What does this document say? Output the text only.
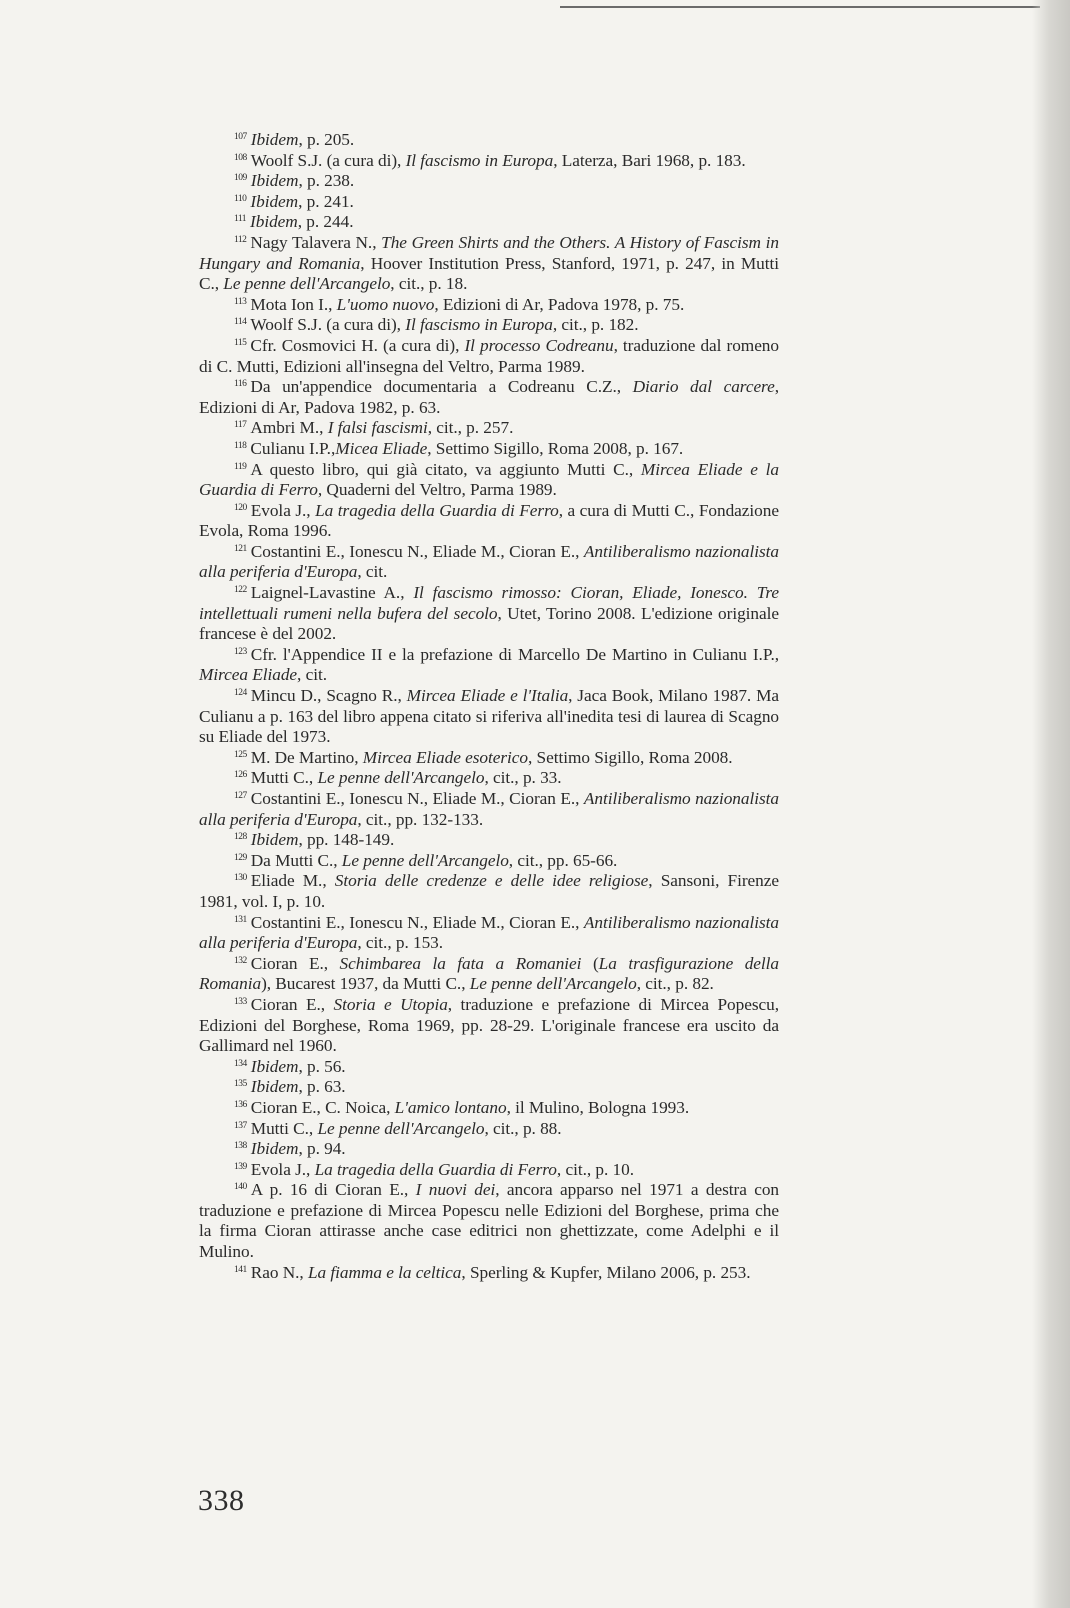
$^{107}$ Ibidem, p. 205.

$^{108}$ Woolf S.J. (a cura di), Il fascismo in Europa, Laterza, Bari 1968, p. 183.

$^{109}$ Ibidem, p. 238.

$^{110}$ Ibidem, p. 241.

$^{111}$ Ibidem, p. 244.

$^{112}$ Nagy Talavera N., The Green Shirts and the Others. A History of Fascism in Hungary and Romania, Hoover Institution Press, Stanford, 1971, p. 247, in Mutti C., Le penne dell'Arcangelo, cit., p. 18.

$^{113}$ Mota Ion I., L'uomo nuovo, Edizioni di Ar, Padova 1978, p. 75.

$^{114}$ Woolf S.J. (a cura di), Il fascismo in Europa, cit., p. 182.

$^{115}$ Cfr. Cosmovici H. (a cura di), Il processo Codreanu, traduzione dal romeno di C. Mutti, Edizioni all'insegna del Veltro, Parma 1989.

$^{116}$ Da un'appendice documentaria a Codreanu C.Z., Diario dal carcere, Edizioni di Ar, Padova 1982, p. 63.

$^{117}$ Ambri M., I falsi fascismi, cit., p. 257.

$^{118}$ Culianu I.P.,Micea Eliade, Settimo Sigillo, Roma 2008, p. 167.

$^{119}$ A questo libro, qui già citato, va aggiunto Mutti C., Mircea Eliade e la Guardia di Ferro, Quaderni del Veltro, Parma 1989.

$^{120}$ Evola J., La tragedia della Guardia di Ferro, a cura di Mutti C., Fondazione Evola, Roma 1996.

$^{121}$ Costantini E., Ionescu N., Eliade M., Cioran E., Antiliberalismo nazionalista alla periferia d'Europa, cit.

$^{122}$ Laignel-Lavastine A., Il fascismo rimosso: Cioran, Eliade, Ionesco. Tre intellettuali rumeni nella bufera del secolo, Utet, Torino 2008. L'edizione originale francese è del 2002.

$^{123}$ Cfr. l'Appendice II e la prefazione di Marcello De Martino in Culianu I.P., Mircea Eliade, cit.

$^{124}$ Mincu D., Scagno R., Mircea Eliade e l'Italia, Jaca Book, Milano 1987. Ma Culianu a p. 163 del libro appena citato si riferiva all'inedita tesi di laurea di Scagno su Eliade del 1973.

$^{125}$ M. De Martino, Mircea Eliade esoterico, Settimo Sigillo, Roma 2008.

$^{126}$ Mutti C., Le penne dell'Arcangelo, cit., p. 33.

$^{127}$ Costantini E., Ionescu N., Eliade M., Cioran E., Antiliberalismo nazionalista alla periferia d'Europa, cit., pp. 132-133.

$^{128}$ Ibidem, pp. 148-149.

$^{129}$ Da Mutti C., Le penne dell'Arcangelo, cit., pp. 65-66.

$^{130}$ Eliade M., Storia delle credenze e delle idee religiose, Sansoni, Firenze 1981, vol. I, p. 10.

$^{131}$ Costantini E., Ionescu N., Eliade M., Cioran E., Antiliberalismo nazionalista alla periferia d'Europa, cit., p. 153.

$^{132}$ Cioran E., Schimbarea la fata a Romaniei (La trasfigurazione della Romania), Bucarest 1937, da Mutti C., Le penne dell'Arcangelo, cit., p. 82.

$^{133}$ Cioran E., Storia e Utopia, traduzione e prefazione di Mircea Popescu, Edizioni del Borghese, Roma 1969, pp. 28-29. L'originale francese era uscito da Gallimard nel 1960.

$^{134}$ Ibidem, p. 56.

$^{135}$ Ibidem, p. 63.

$^{136}$ Cioran E., C. Noica, L'amico lontano, il Mulino, Bologna 1993.

$^{137}$ Mutti C., Le penne dell'Arcangelo, cit., p. 88.

$^{138}$ Ibidem, p. 94.

$^{139}$ Evola J., La tragedia della Guardia di Ferro, cit., p. 10.

$^{140}$ A p. 16 di Cioran E., I nuovi dei, ancora apparso nel 1971 a destra con traduzione e prefazione di Mircea Popescu nelle Edizioni del Borghese, prima che la firma Cioran attirasse anche case editrici non ghettizzate, come Adelphi e il Mulino.

$^{141}$ Rao N., La fiamma e la celtica, Sperling & Kupfer, Milano 2006, p. 253.

338
